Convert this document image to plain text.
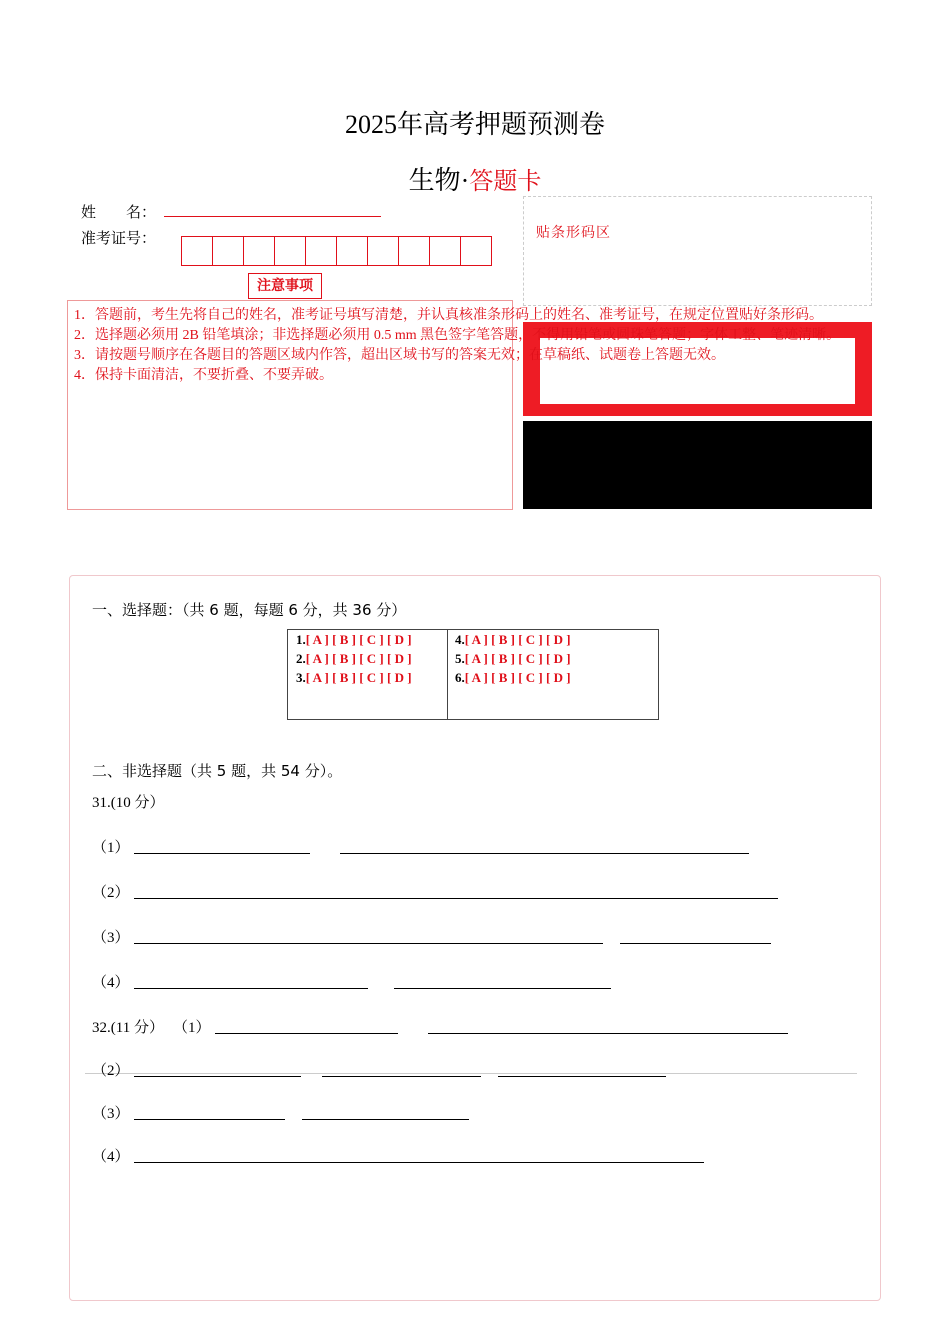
2025年高考押题预测卷
生物·答题卡
姓　　名：
准考证号：
注意事项
贴条形码区
1．答题前，考生先将自己的姓名，准考证号填写清楚，并认真核准条形码上的姓名、准考证号，在规定位置贴好条形码。
2．选择题必须用 2B 铅笔填涂；非选择题必须用 0.5 mm 黑色签字笔答题，不得用铅笔或圆珠笔答题；字体工整、笔迹清晰。
3．请按题号顺序在各题目的答题区域内作答，超出区域书写的答案无效；在草稿纸、试题卷上答题无效。
4．保持卡面清洁，不要折叠、不要弄破。
一、选择题：（共 6 题，每题 6 分，共 36 分）
1.[ A ] [ B ] [ C ] [ D ]
2.[ A ] [ B ] [ C ] [ D ]
3.[ A ] [ B ] [ C ] [ D ]
4.[ A ] [ B ] [ C ] [ D ]
5.[ A ] [ B ] [ C ] [ D ]
6.[ A ] [ B ] [ C ] [ D ]
二、非选择题（共 5 题，共 54 分）。
31.(10 分）
（1）
（2）
（3）
（4）
32.(11 分） （1）
（2）
（3）
（4）
